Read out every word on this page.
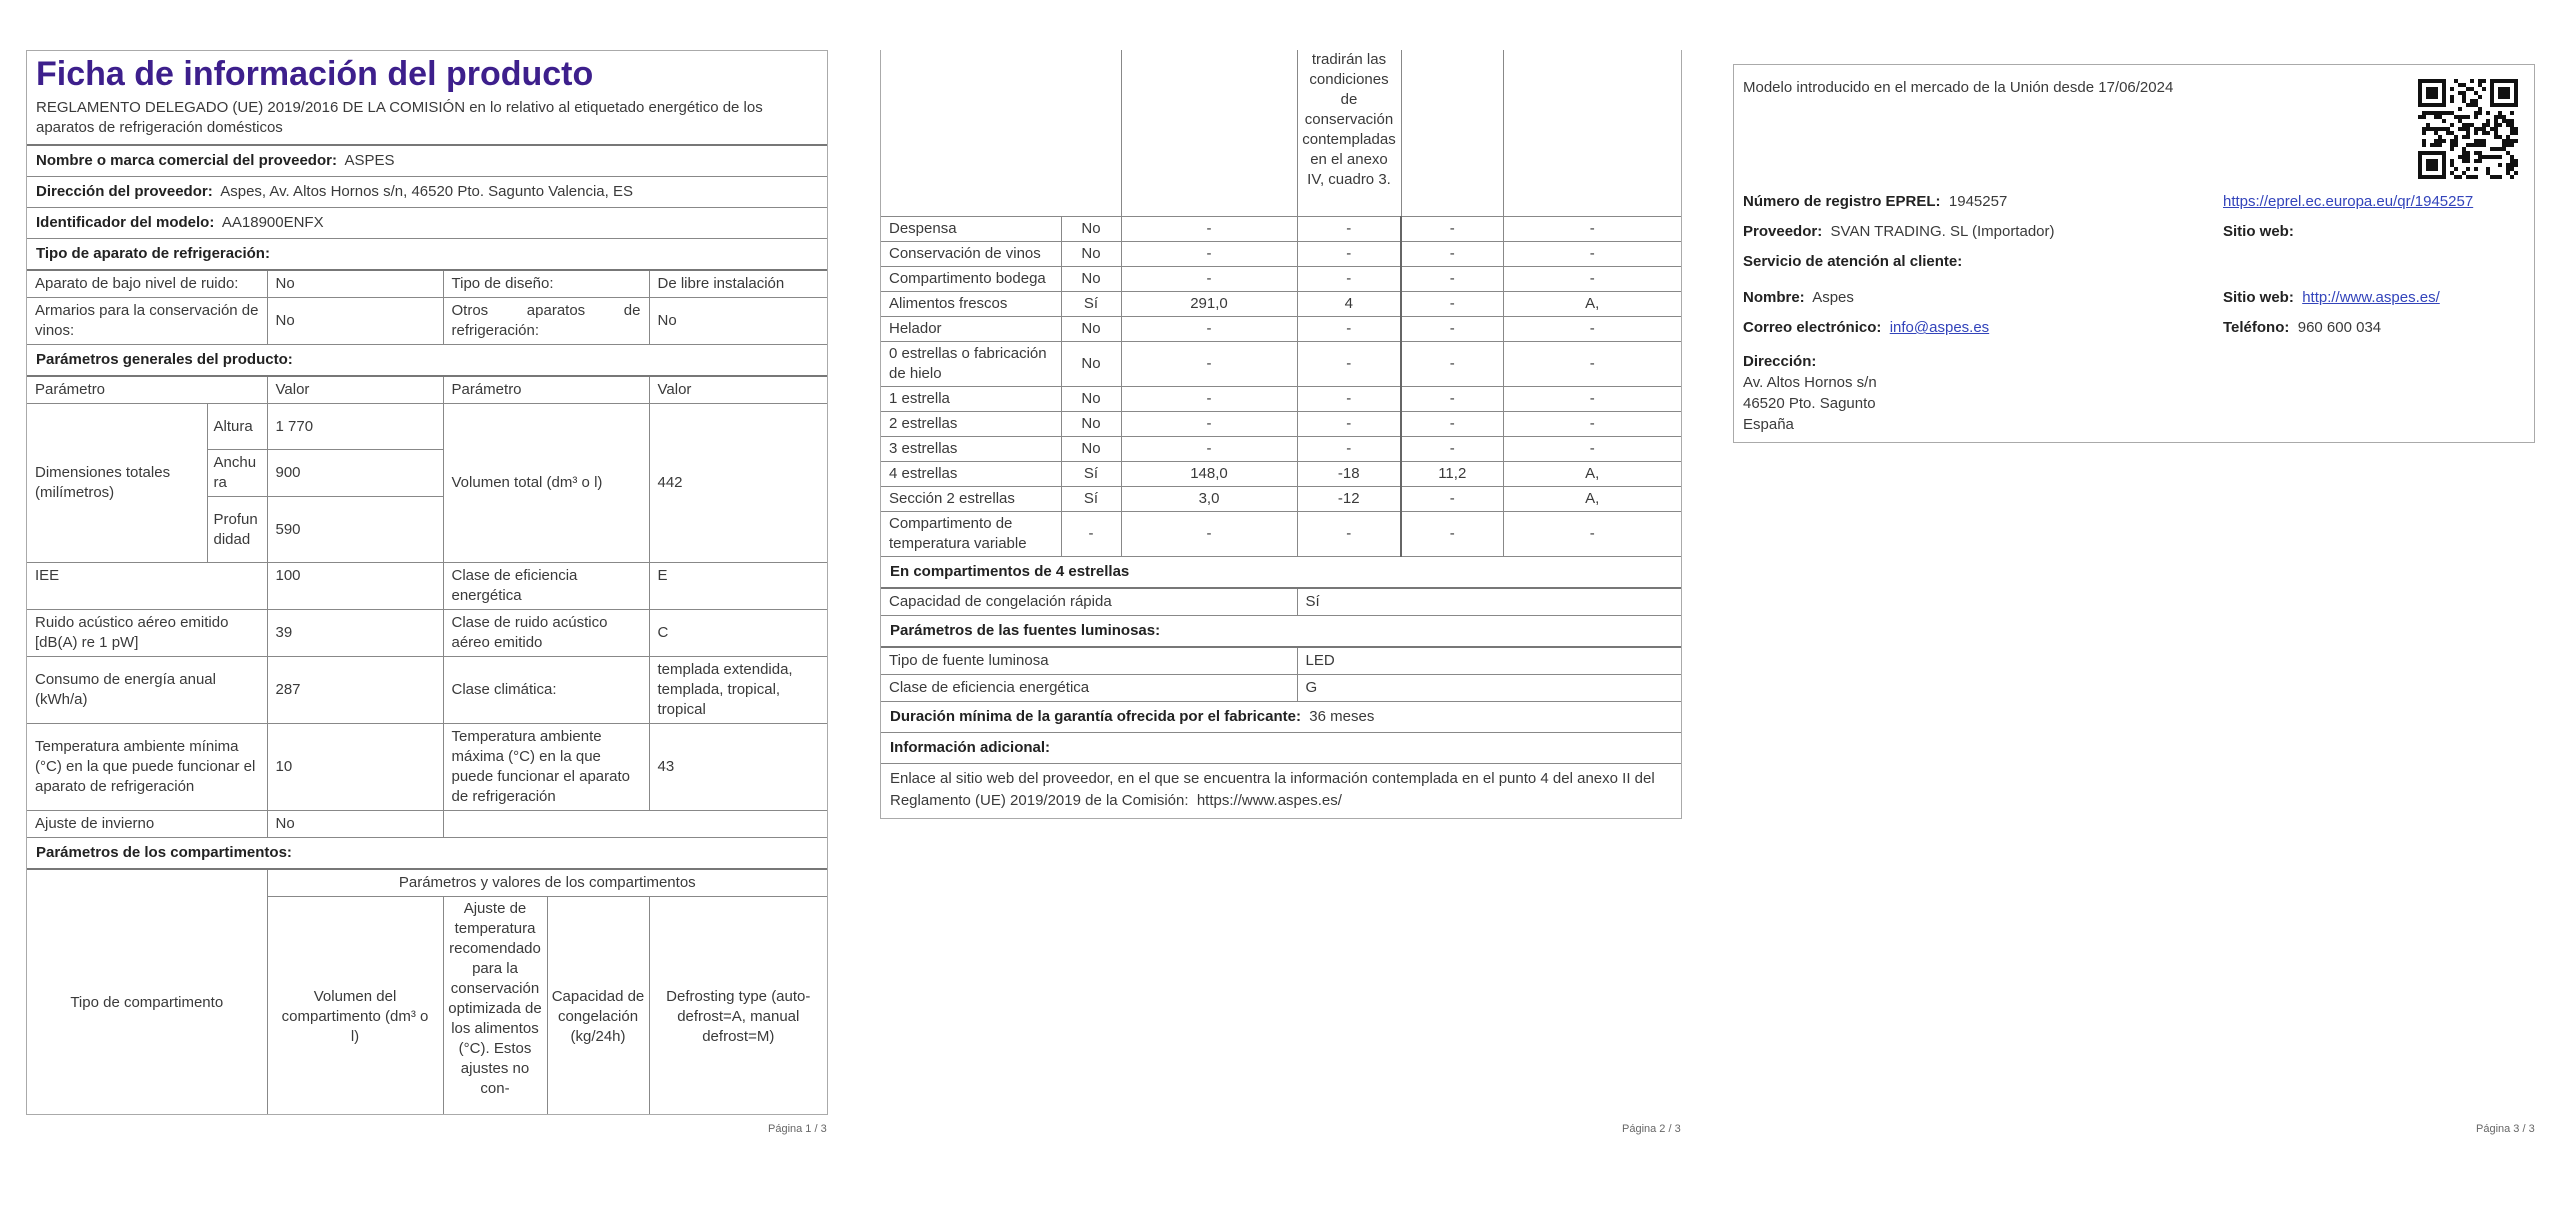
Ficha de información del producto
REGLAMENTO DELEGADO (UE) 2019/2016 DE LA COMISIÓN en lo relativo al etiquetado energético de los aparatos de refrigeración domésticos
Nombre o marca comercial del proveedor: ASPES
Dirección del proveedor: Aspes, Av. Altos Hornos s/n, 46520 Pto. Sagunto Valencia, ES
Identificador del modelo: AA18900ENFX
Tipo de aparato de refrigeración:
Aparato de bajo nivel de ruido:	No	Tipo de diseño:	De libre instalación
Armarios para la conservación de vinos:	No	Otros aparatos de refrigeración:	No
Parámetros generales del producto:
Parámetro		Valor	Parámetro	Valor
Dimensiones totales (milímetros)	Altura	1 770	Volumen total (dm³ o l)	442
	Anchura	900		
	Profundidad	590		
IEE		100	Clase de eficiencia energética	E
Ruido acústico aéreo emitido [dB(A) re 1 pW]		39	Clase de ruido acústico aéreo emitido	C
Consumo de energía anual (kWh/a)		287	Clase climática:	templada extendida, templada, tropical, tropical
Temperatura ambiente mínima (°C) en la que puede funcionar el aparato de refrigeración		10	Temperatura ambiente máxima (°C) en la que puede funcionar el aparato de refrigeración	43
Ajuste de invierno		No		
Parámetros de los compartimentos:
Tipo de compartimento	Parámetros y valores de los compartimentos			
	Volumen del compartimento (dm³ o l)	Ajuste de temperatura recomendado para la conservación optimizada de los alimentos (°C). Estos ajustes no con-	Capacidad de congelación (kg/24h)	Defrosting type (auto-defrost=A, manual defrost=M)
Página 1 / 3
			tradirán las condiciones de conservación contempladas en el anexo IV, cuadro 3.		
Despensa	No	-	-	-	-
Conservación de vinos	No	-	-	-	-
Compartimento bodega	No	-	-	-	-
Alimentos frescos	Sí	291,0	4	-	A,
Helador	No	-	-	-	-
0 estrellas o fabricación de hielo	No	-	-	-	-
1 estrella	No	-	-	-	-
2 estrellas	No	-	-	-	-
3 estrellas	No	-	-	-	-
4 estrellas	Sí	148,0	-18	11,2	A,
Sección 2 estrellas	Sí	3,0	-12	-	A,
Compartimento de temperatura variable	-	-	-	-	-
En compartimentos de 4 estrellas
Capacidad de congelación rápida	Sí
Parámetros de las fuentes luminosas:
Tipo de fuente luminosa	LED
Clase de eficiencia energética	G
Duración mínima de la garantía ofrecida por el fabricante: 36 meses
Información adicional:
Enlace al sitio web del proveedor, en el que se encuentra la información contemplada en el punto 4 del anexo II del Reglamento (UE) 2019/2019 de la Comisión: https://www.aspes.es/
Página 2 / 3
Modelo introducido en el mercado de la Unión desde 17/06/2024
Número de registro EPREL: 1945257	https://eprel.ec.europa.eu/qr/1945257
Proveedor: SVAN TRADING. SL (Importador)	Sitio web:
Servicio de atención al cliente:
Nombre: Aspes	Sitio web:
http://www.aspes.es/
Correo electrónico: info@aspes.es	Teléfono:
960 600 034
Dirección:
Av. Altos Hornos s/n
46520 Pto. Sagunto
España
Página 3 / 3
